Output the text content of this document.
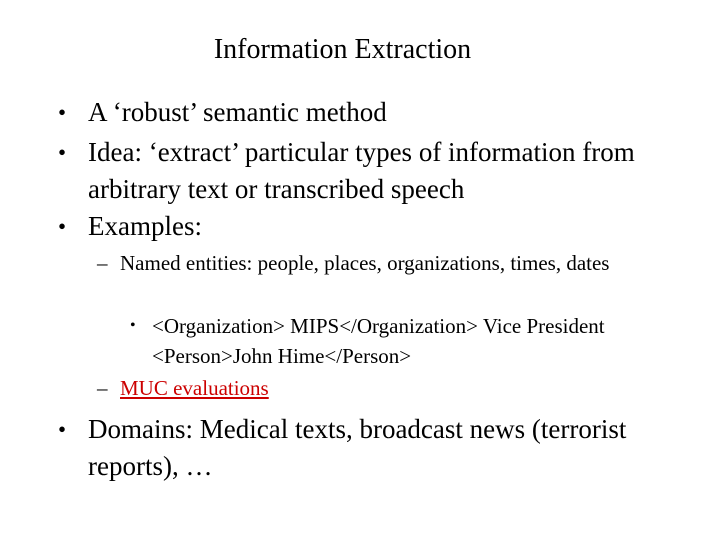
Information Extraction
• A ‘robust’ semantic method
• Idea: ‘extract’ particular types of information from arbitrary text or transcribed speech
• Examples:
– Named entities: people, places, organizations, times, dates
• <Organization> MIPS</Organization> Vice President <Person>John Hime</Person>
– MUC evaluations
• Domains: Medical texts, broadcast news (terrorist reports), …
